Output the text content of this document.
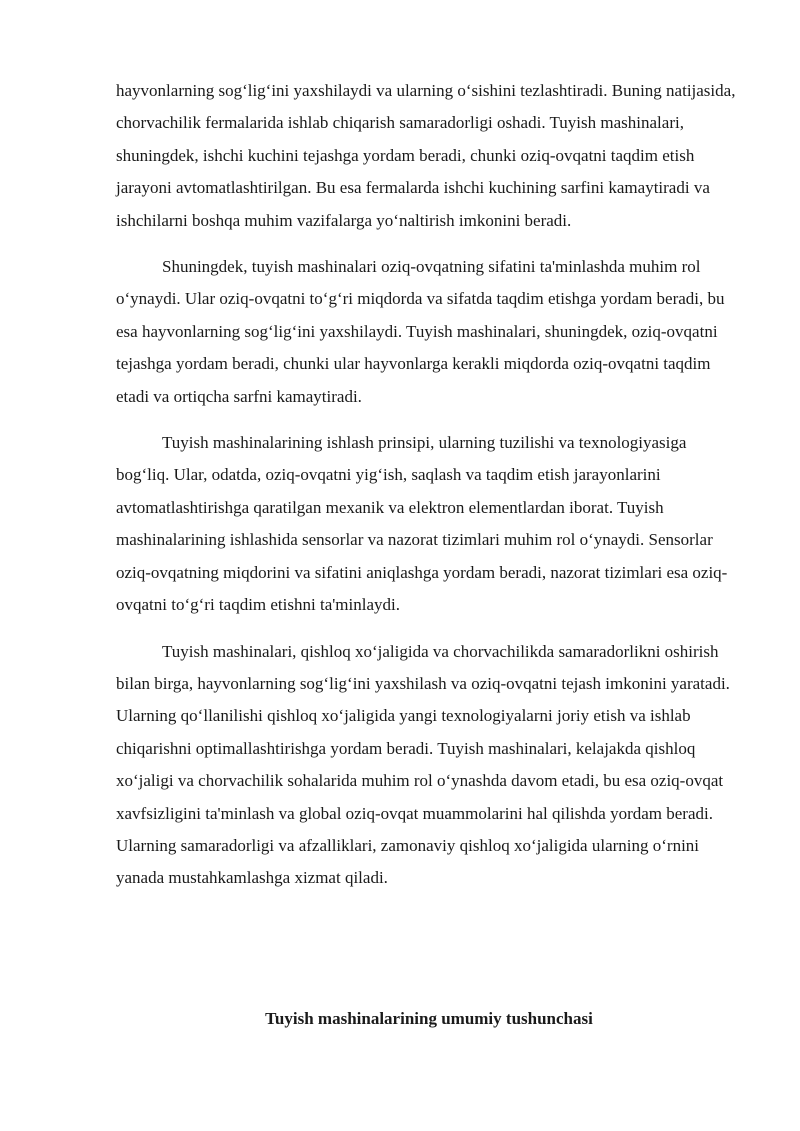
hayvonlarning sog‘lig‘ini yaxshilaydi va ularning o‘sishini tezlashtiradi. Buning natijasida, chorvachilik fermalarida ishlab chiqarish samaradorligi oshadi. Tuyish mashinalari, shuningdek, ishchi kuchini tejashga yordam beradi, chunki oziq-ovqatni taqdim etish jarayoni avtomatlashtirilgan. Bu esa fermalarda ishchi kuchining sarfini kamaytiradi va ishchilarni boshqa muhim vazifalarga yo‘naltirish imkonini beradi.

Shuningdek, tuyish mashinalari oziq-ovqatning sifatini ta'minlashda muhim rol o‘ynaydi. Ular oziq-ovqatni to‘g‘ri miqdorda va sifatda taqdim etishga yordam beradi, bu esa hayvonlarning sog‘lig‘ini yaxshilaydi. Tuyish mashinalari, shuningdek, oziq-ovqatni tejashga yordam beradi, chunki ular hayvonlarga kerakli miqdorda oziq-ovqatni taqdim etadi va ortiqcha sarfni kamaytiradi.

Tuyish mashinalarining ishlash prinsipi, ularning tuzilishi va texnologiyasiga bog‘liq. Ular, odatda, oziq-ovqatni yig‘ish, saqlash va taqdim etish jarayonlarini avtomatlashtirishga qaratilgan mexanik va elektron elementlardan iborat. Tuyish mashinalarining ishlashida sensorlar va nazorat tizimlari muhim rol o‘ynaydi. Sensorlar oziq-ovqatning miqdorini va sifatini aniqlashga yordam beradi, nazorat tizimlari esa oziq-ovqatni to‘g‘ri taqdim etishni ta'minlaydi.

Tuyish mashinalari, qishloq xo‘jaligida va chorvachilikda samaradorlikni oshirish bilan birga, hayvonlarning sog‘lig‘ini yaxshilash va oziq-ovqatni tejash imkonini yaratadi. Ularning qo‘llanilishi qishloq xo‘jaligida yangi texnologiyalarni joriy etish va ishlab chiqarishni optimallashtirishga yordam beradi. Tuyish mashinalari, kelajakda qishloq xo‘jaligi va chorvachilik sohalarida muhim rol o‘ynashda davom etadi, bu esa oziq-ovqat xavfsizligini ta'minlash va global oziq-ovqat muammolarini hal qilishda yordam beradi. Ularning samaradorligi va afzalliklari, zamonaviy qishloq xo‘jaligida ularning o‘rnini yanada mustahkamlashga xizmat qiladi.

Tuyish mashinalarining umumiy tushunchasi
